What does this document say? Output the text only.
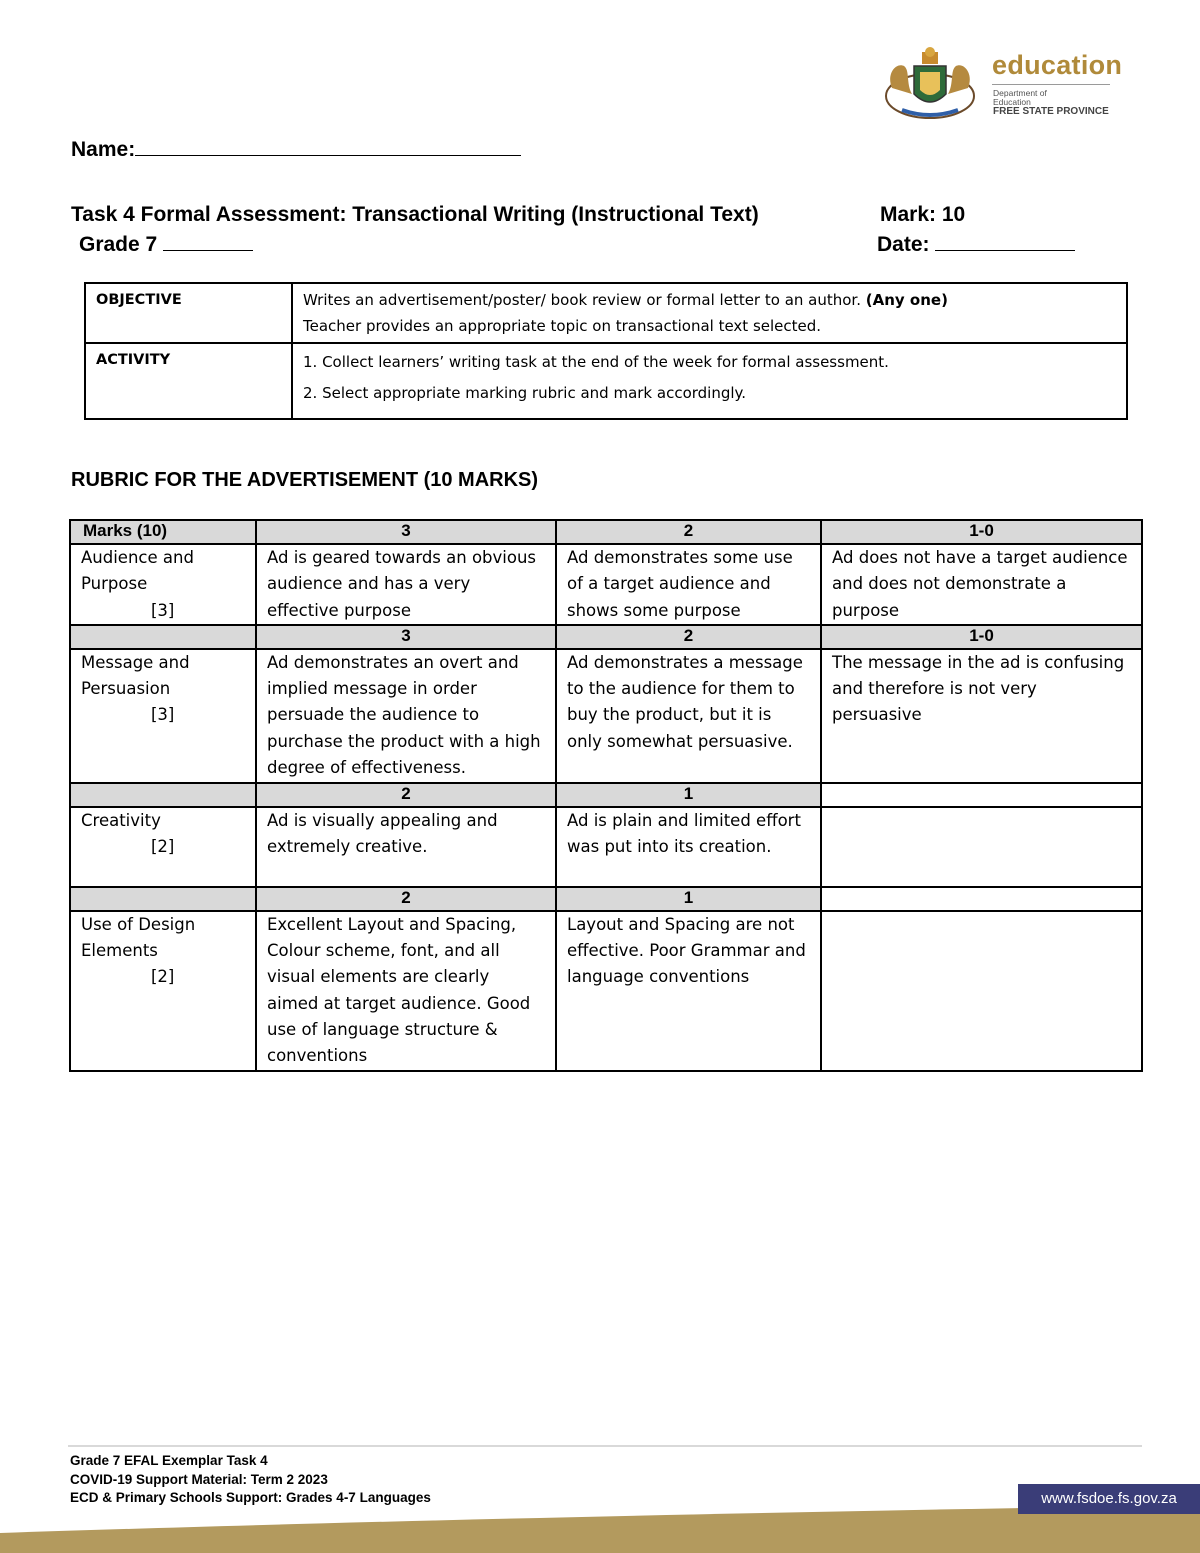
education
Department of
Education
FREE STATE PROVINCE
Name:
Task 4 Formal Assessment: Transactional Writing (Instructional Text)	Mark: 10
Grade 7	Date:
OBJECTIVE	Writes an advertisement/poster/ book review or formal letter to an author. (Any one)
Teacher provides an appropriate topic on transactional text selected.
ACTIVITY	1. Collect learners’ writing task at the end of the week for formal assessment.
2. Select appropriate marking rubric and mark accordingly.
RUBRIC FOR THE ADVERTISEMENT (10 MARKS)
Marks (10)	3	2	1-0
Audience and Purpose
[3]	Ad is geared towards an obvious audience and has a very effective purpose	Ad demonstrates some use of a target audience and shows some purpose	Ad does not have a target audience and does not demonstrate a purpose
	3	2	1-0
Message and Persuasion
[3]	Ad demonstrates an overt and implied message in order persuade the audience to purchase the product with a high degree of effectiveness.	Ad demonstrates a message to the audience for them to buy the product, but it is only somewhat persuasive.	The message in the ad is confusing and therefore is not very persuasive
	2	1	
Creativity
[2]	Ad is visually appealing and extremely creative.	Ad is plain and limited effort was put into its creation.	
	2	1	
Use of Design Elements
[2]	Excellent Layout and Spacing, Colour scheme, font, and all visual elements are clearly aimed at target audience. Good use of language structure & conventions	Layout and Spacing are not effective. Poor Grammar and language conventions	
Grade 7 EFAL Exemplar Task 4
COVID-19 Support Material: Term 2 2023
ECD & Primary Schools Support: Grades 4-7 Languages	www.fsdoe.fs.gov.za
